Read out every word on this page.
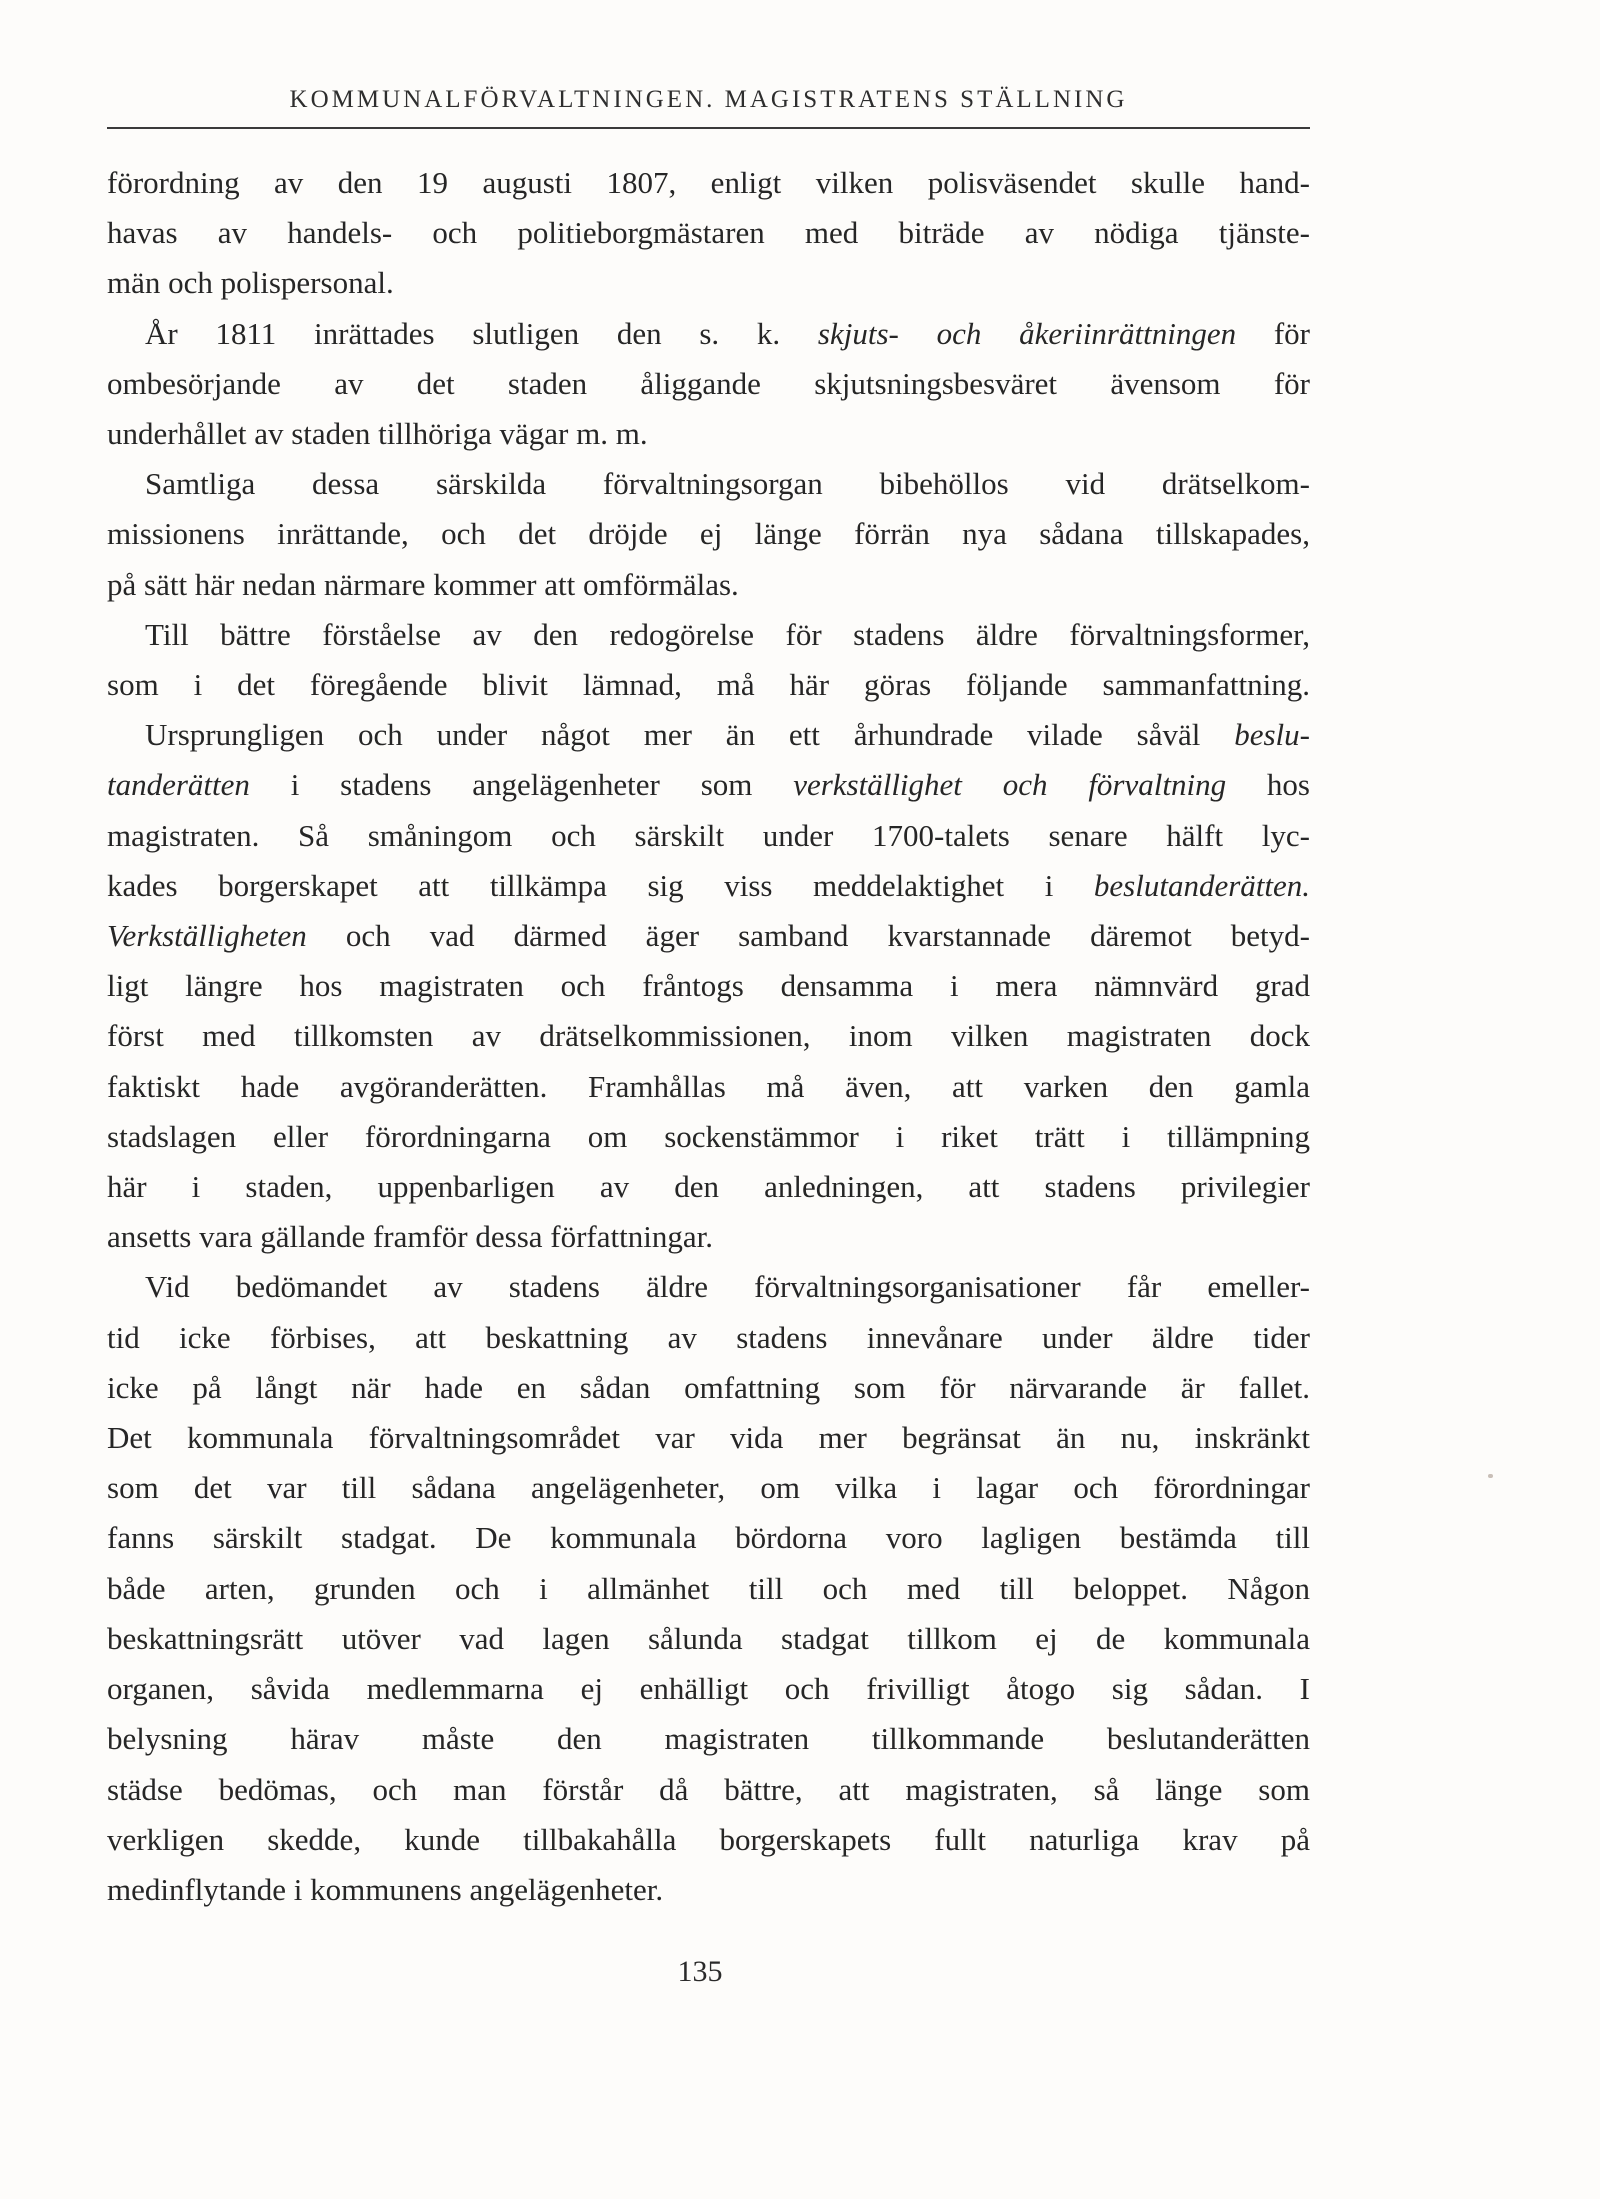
KOMMUNALFÖRVALTNINGEN. MAGISTRATENS STÄLLNING

förordning av den 19 augusti 1807, enligt vilken polisväsendet skulle hand-
havas av handels- och politieborgmästaren med biträde av nödiga tjänste-
män och polispersonal.

År 1811 inrättades slutligen den s. k. skjuts- och åkeriinrättningen för
ombesörjande av det staden åliggande skjutsningsbesväret ävensom för
underhållet av staden tillhöriga vägar m. m.

Samtliga dessa särskilda förvaltningsorgan bibehöllos vid drätselkom-
missionens inrättande, och det dröjde ej länge förrän nya sådana tillskapades,
på sätt här nedan närmare kommer att omförmälas.

Till bättre förståelse av den redogörelse för stadens äldre förvaltningsformer,
som i det föregående blivit lämnad, må här göras följande sammanfattning.

Ursprungligen och under något mer än ett århundrade vilade såväl beslu-
tanderätten i stadens angelägenheter som verkställighet och förvaltning hos
magistraten. Så småningom och särskilt under 1700-talets senare hälft lyc-
kades borgerskapet att tillkämpa sig viss meddelaktighet i beslutanderätten.
Verkställigheten och vad därmed äger samband kvarstannade däremot betyd-
ligt längre hos magistraten och fråntogs densamma i mera nämnvärd grad
först med tillkomsten av drätselkommissionen, inom vilken magistraten dock
faktiskt hade avgöranderätten. Framhållas må även, att varken den gamla
stadslagen eller förordningarna om sockenstämmor i riket trätt i tillämpning
här i staden, uppenbarligen av den anledningen, att stadens privilegier
ansetts vara gällande framför dessa författningar.

Vid bedömandet av stadens äldre förvaltningsorganisationer får emeller-
tid icke förbises, att beskattning av stadens innevånare under äldre tider
icke på långt när hade en sådan omfattning som för närvarande är fallet.
Det kommunala förvaltningsområdet var vida mer begränsat än nu, inskränkt
som det var till sådana angelägenheter, om vilka i lagar och förordningar
fanns särskilt stadgat. De kommunala bördorna voro lagligen bestämda till
både arten, grunden och i allmänhet till och med till beloppet. Någon
beskattningsrätt utöver vad lagen sålunda stadgat tillkom ej de kommunala
organen, såvida medlemmarna ej enhälligt och frivilligt åtogo sig sådan. I
belysning härav måste den magistraten tillkommande beslutanderätten
städse bedömas, och man förstår då bättre, att magistraten, så länge som
verkligen skedde, kunde tillbakahålla borgerskapets fullt naturliga krav på
medinflytande i kommunens angelägenheter.

135
